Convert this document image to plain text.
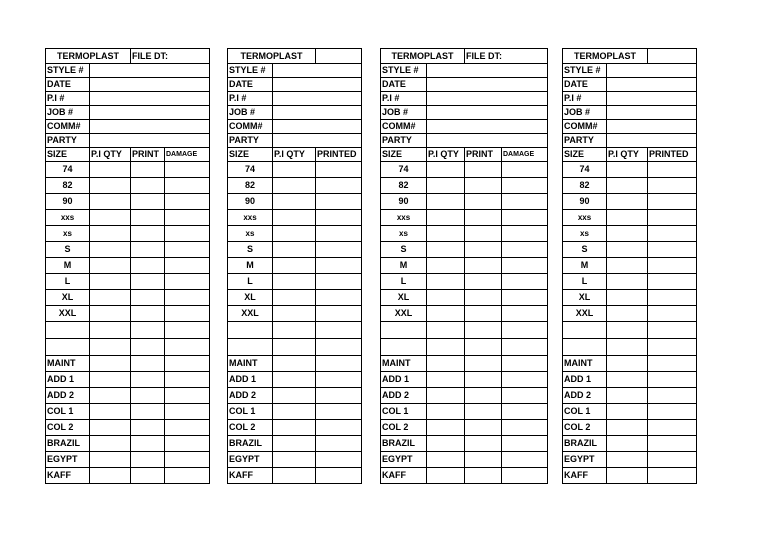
TERMOPLAST		FILE DT:	
STYLE #			
DATE			
P.I #			
JOB #			
COMM#			
PARTY			
SIZE	P.I QTY	PRINT	DAMAGE
74			
82			
90			
xxs			
xs			
S			
M			
L			
XL			
XXL			

MAINT			
ADD 1			
ADD 2			
COL 1			
COL 2			
BRAZIL			
EGYPT			
KAFF			
TERMOPLAST		
STYLE #		
DATE		
P.I #		
JOB #		
COMM#		
PARTY		
SIZE	P.I QTY	PRINTED
74		
82		
90		
xxs		
xs		
S		
M		
L		
XL		
XXL		

MAINT		
ADD 1		
ADD 2		
COL 1		
COL 2		
BRAZIL		
EGYPT		
KAFF		
TERMOPLAST		FILE DT:	
STYLE #			
DATE			
P.I #			
JOB #			
COMM#			
PARTY			
SIZE	P.I QTY	PRINT	DAMAGE
74			
82			
90			
xxs			
xs			
S			
M			
L			
XL			
XXL			

MAINT			
ADD 1			
ADD 2			
COL 1			
COL 2			
BRAZIL			
EGYPT			
KAFF			
TERMOPLAST		
STYLE #		
DATE		
P.I #		
JOB #		
COMM#		
PARTY		
SIZE	P.I QTY	PRINTED
74		
82		
90		
xxs		
xs		
S		
M		
L		
XL		
XXL		

MAINT		
ADD 1		
ADD 2		
COL 1		
COL 2		
BRAZIL		
EGYPT		
KAFF		
